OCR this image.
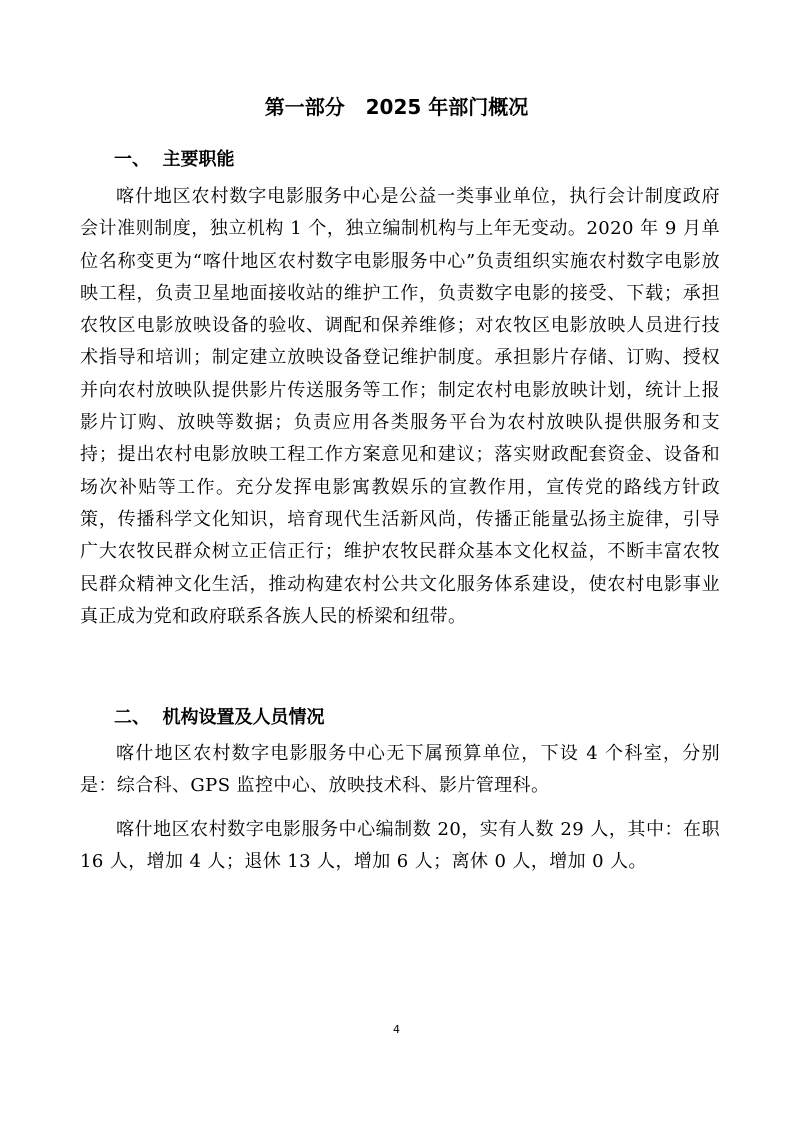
第一部分   2025 年部门概况
一、  主要职能

喀什地区农村数字电影服务中心是公益一类事业单位，执行会计制度政府会计准则制度，独立机构 1 个，独立编制机构与上年无变动。2020 年 9 月单位名称变更为“喀什地区农村数字电影服务中心”负责组织实施农村数字电影放映工程，负责卫星地面接收站的维护工作，负责数字电影的接受、下载；承担农牧区电影放映设备的验收、调配和保养维修；对农牧区电影放映人员进行技术指导和培训；制定建立放映设备登记维护制度。承担影片存储、订购、授权并向农村放映队提供影片传送服务等工作；制定农村电影放映计划，统计上报影片订购、放映等数据；负责应用各类服务平台为农村放映队提供服务和支持；提出农村电影放映工程工作方案意见和建议；落实财政配套资金、设备和场次补贴等工作。充分发挥电影寓教娱乐的宣教作用，宣传党的路线方针政策，传播科学文化知识，培育现代生活新风尚，传播正能量弘扬主旋律，引导广大农牧民群众树立正信正行；维护农牧民群众基本文化权益，不断丰富农牧民群众精神文化生活，推动构建农村公共文化服务体系建设，使农村电影事业真正成为党和政府联系各族人民的桥梁和纽带。

二、  机构设置及人员情况

喀什地区农村数字电影服务中心无下属预算单位，下设 4 个科室，分别是：综合科、GPS 监控中心、放映技术科、影片管理科。

喀什地区农村数字电影服务中心编制数 20，实有人数 29 人，其中：在职 16 人，增加 4 人；退休 13 人，增加 6 人；离休 0 人，增加 0 人。

4
